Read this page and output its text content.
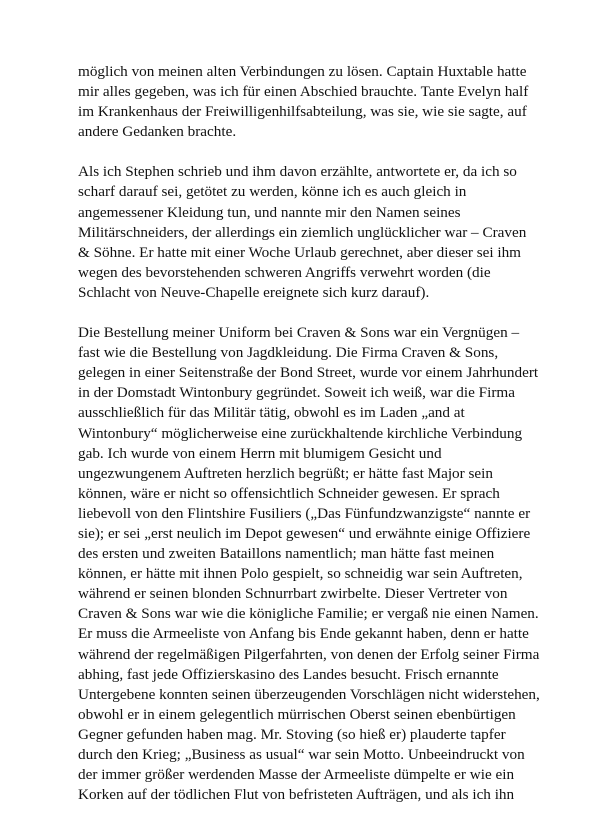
möglich von meinen alten Verbindungen zu lösen. Captain Huxtable hatte
mir alles gegeben, was ich für einen Abschied brauchte. Tante Evelyn half
im Krankenhaus der Freiwilligenhilfsabteilung, was sie, wie sie sagte, auf
andere Gedanken brachte.

Als ich Stephen schrieb und ihm davon erzählte, antwortete er, da ich so
scharf darauf sei, getötet zu werden, könne ich es auch gleich in
angemessener Kleidung tun, und nannte mir den Namen seines
Militärschneiders, der allerdings ein ziemlich unglücklicher war – Craven
& Söhne. Er hatte mit einer Woche Urlaub gerechnet, aber dieser sei ihm
wegen des bevorstehenden schweren Angriffs verwehrt worden (die
Schlacht von Neuve-Chapelle ereignete sich kurz darauf).

Die Bestellung meiner Uniform bei Craven & Sons war ein Vergnügen –
fast wie die Bestellung von Jagdkleidung. Die Firma Craven & Sons,
gelegen in einer Seitenstraße der Bond Street, wurde vor einem Jahrhundert
in der Domstadt Wintonbury gegründet. Soweit ich weiß, war die Firma
ausschließlich für das Militär tätig, obwohl es im Laden „and at
Wintonbury“ möglicherweise eine zurückhaltende kirchliche Verbindung
gab. Ich wurde von einem Herrn mit blumigem Gesicht und
ungezwungenem Auftreten herzlich begrüßt; er hätte fast Major sein
können, wäre er nicht so offensichtlich Schneider gewesen. Er sprach
liebevoll von den Flintshire Fusiliers („Das Fünfundzwanzigste“ nannte er
sie); er sei „erst neulich im Depot gewesen“ und erwähnte einige Offiziere
des ersten und zweiten Bataillons namentlich; man hätte fast meinen
können, er hätte mit ihnen Polo gespielt, so schneidig war sein Auftreten,
während er seinen blonden Schnurrbart zwirbelte. Dieser Vertreter von
Craven & Sons war wie die königliche Familie; er vergaß nie einen Namen.
Er muss die Armeeliste von Anfang bis Ende gekannt haben, denn er hatte
während der regelmäßigen Pilgerfahrten, von denen der Erfolg seiner Firma
abhing, fast jede Offizierskasino des Landes besucht. Frisch ernannte
Untergebene konnten seinen überzeugenden Vorschlägen nicht widerstehen,
obwohl er in einem gelegentlich mürrischen Oberst seinen ebenbürtigen
Gegner gefunden haben mag. Mr. Stoving (so hieß er) plauderte tapfer
durch den Krieg; „Business as usual“ war sein Motto. Unbeeindruckt von
der immer größer werdenden Masse der Armeeliste dümpelte er wie ein
Korken auf der tödlichen Flut von befristeten Aufträgen, und als ich ihn
